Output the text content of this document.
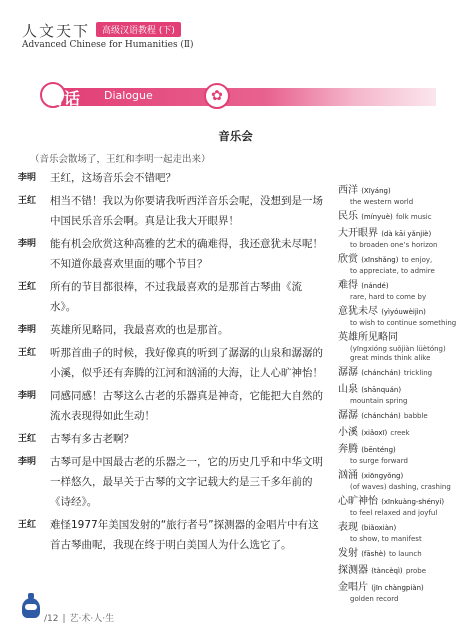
人文天下	高级汉语教程 (下)
Advanced Chinese for Humanities (Ⅱ)
对话 Dialogue	✿
音乐会
（音乐会散场了，王红和李明一起走出来）
李明	王红，这场音乐会不错吧？
王红	相当不错！我以为你要请我听西洋音乐会呢，没想到是一场中国民乐音乐会啊。真是让我大开眼界！
李明	能有机会欣赏这种高雅的艺术的确难得，我还意犹未尽呢！不知道你最喜欢里面的哪个节目？
王红	所有的节目都很棒，不过我最喜欢的是那首古琴曲《流水》。
李明	英雄所见略同，我最喜欢的也是那首。
王红	听那首曲子的时候，我好像真的听到了潺潺的山泉和潺潺的小溪，似乎还有奔腾的江河和汹涌的大海，让人心旷神怡！
李明	同感同感！古琴这么古老的乐器真是神奇，它能把大自然的流水表现得如此生动！
王红	古琴有多古老啊？
李明	古琴可是中国最古老的乐器之一，它的历史几乎和中华文明一样悠久，最早关于古琴的文字记载大约是三千多年前的《诗经》。
王红	难怪1977年美国发射的“旅行者号”探测器的金唱片中有这首古琴曲呢，我现在终于明白美国人为什么选它了。
西洋 (Xīyáng)
the western world
民乐 (mínyuè) folk music
大开眼界 (dà kāi yǎnjiè)
to broaden one’s horizon
欣赏 (xīnshǎng) to enjoy,
to appreciate, to admire
难得 (nándé)
rare, hard to come by
意犹未尽 (yìyóuwèijìn)
to wish to continue something
英雄所见略同
(yīngxióng suǒjiàn lüètóng) great minds think alike
潺潺 (chánchán) trickling
山泉 (shānquán)
mountain spring
潺潺 (chánchán) babble
小溪 (xiǎoxī) creek
奔腾 (bēnténg)
to surge forward
汹涌 (xiōngyǒng)
(of waves) dashing, crashing
心旷神怡 (xīnkuàng-shényí)
to feel relaxed and joyful
表现 (biǎoxiàn)
to show, to manifest
发射 (fāshè) to launch
探测器 (tàncèqì) probe
金唱片 (jīn chàngpiàn)
golden record
/12 | 艺·术·人·生
